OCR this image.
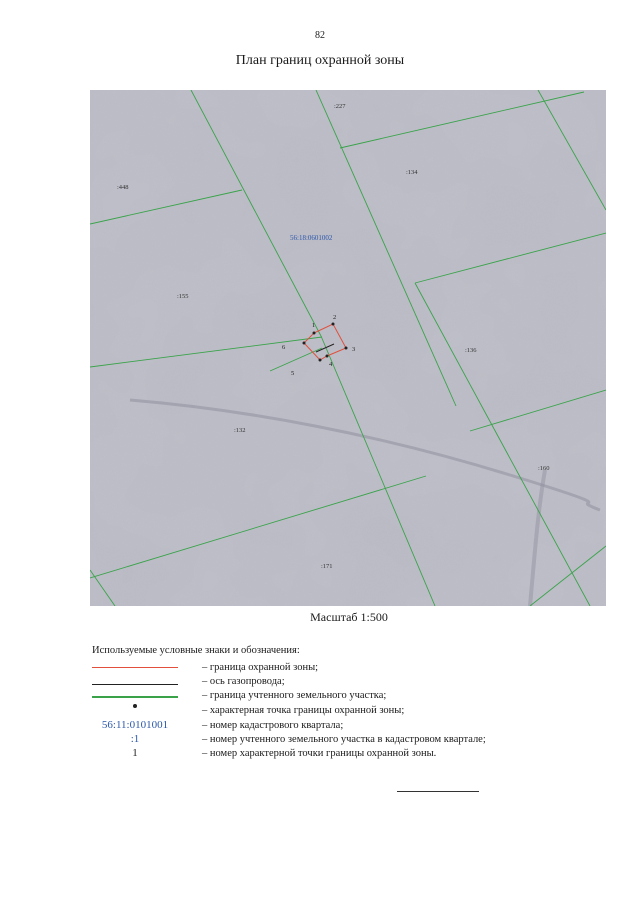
82
План границ охранной зоны
56:18:0601002
:227
:448
:134
:155
:136
:132
:160
:171
1
2
3
4
5
6
Масштаб 1:500
Используемые условные знаки и обозначения:
– граница охранной зоны;
– ось газопровода;
– граница учтенного земельного участка;
– характерная точка границы охранной зоны;
56:11:0101001	– номер кадастрового квартала;
:1	– номер учтенного земельного участка в кадастровом квартале;
1	– номер характерной точки границы охранной зоны.
